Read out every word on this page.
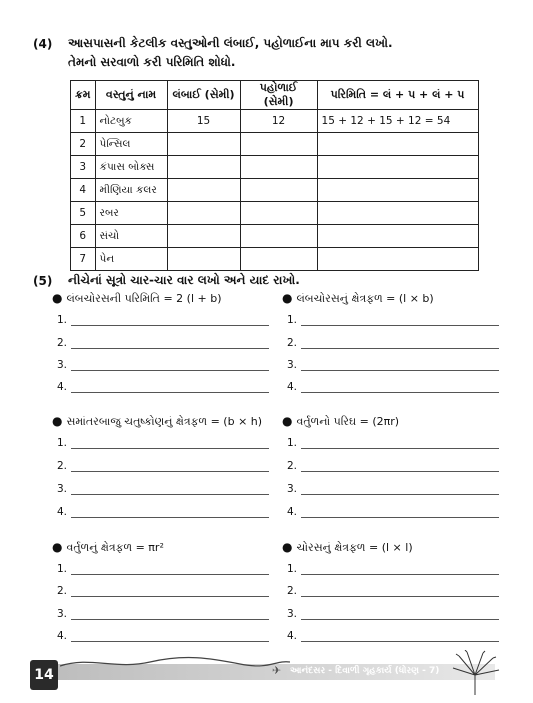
(4) આસપાસની કેટલીક વસ્તુઓની લંબાઈ, પહોળાઈના માપ કરી લખો.
તેમનો સરવાળો કરી પરિમિતિ શોધો.
ક્રમ	વસ્તુનું નામ	લંબાઈ (સેમી)	પહોળાઈ (સેમી)	પરિમિતિ = લં + પ + લં + પ
1	નોટબુક	15	12	15 + 12 + 15 + 12 = 54
2	પેન્સિલ			
3	કંપાસ બોક્સ			
4	મીણિયા કલર			
5	રબર			
6	સંચો			
7	પેન			
(5) નીચેનાં સૂત્રો ચાર-ચાર વાર લખો અને યાદ રાખો.
● લંબચોરસની પરિમિતિ = 2 (l + b)	● લંબચોરસનું ક્ષેત્રફળ = (l × b)
● સમાંતરબાજુ ચતુષ્કોણનું ક્ષેત્રફળ = (b × h) ● વર્તુળનો પરિઘ = (2πr)
● વર્તુળનું ક્ષેત્રફળ = πr²	● ચોરસનું ક્ષેત્રફળ = (l × l)
1.
2.
3.
4.
1.
2.
3.
4.
1.
2.
3.
4.
1.
2.
3.
4.
1.
2.
3.
4.
1.
2.
3.
4.
14	✈ આનંદસર - દિવાળી ગૃહકાર્ય (ધોરણ - 7)
